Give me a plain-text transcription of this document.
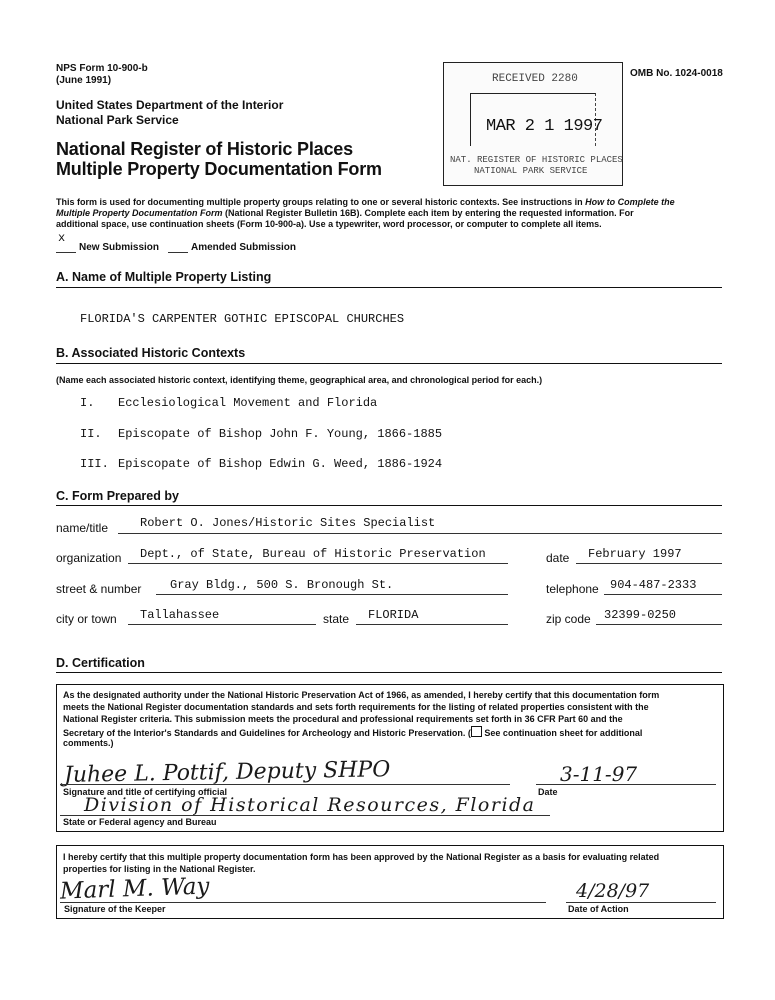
NPS Form 10-900-b
(June 1991)
OMB No. 1024-0018
United States Department of the Interior
National Park Service
National Register of Historic Places
Multiple Property Documentation Form
RECEIVED 2280
MAR 2 1 1997
NAT. REGISTER OF HISTORIC PLACES
NATIONAL PARK SERVICE
This form is used for documenting multiple property groups relating to one or several historic contexts. See instructions in How to Complete the
Multiple Property Documentation Form (National Register Bulletin 16B). Complete each item by entering the requested information. For
additional space, use continuation sheets (Form 10-900-a). Use a typewriter, word processor, or computer to complete all items.
x
New Submission	Amended Submission
A. Name of Multiple Property Listing
FLORIDA'S CARPENTER GOTHIC EPISCOPAL CHURCHES
B. Associated Historic Contexts
(Name each associated historic context, identifying theme, geographical area, and chronological period for each.)
I. Ecclesiological Movement and Florida
II. Episcopate of Bishop John F. Young, 1866-1885
III. Episcopate of Bishop Edwin G. Weed, 1886-1924
C. Form Prepared by
name/title	Robert O. Jones/Historic Sites Specialist
organization Dept., of State, Bureau of Historic Preservation	date February 1997
street & number Gray Bldg., 500 S. Bronough St.	telephone 904-487-2333
city or town Tallahassee	state FLORIDA	zip code 32399-0250
D. Certification
As the designated authority under the National Historic Preservation Act of 1966, as amended, I hereby certify that this documentation form
meets the National Register documentation standards and sets forth requirements for the listing of related properties consistent with the
National Register criteria. This submission meets the procedural and professional requirements set forth in 36 CFR Part 60 and the
Secretary of the Interior's Standards and Guidelines for Archeology and Historic Preservation. ( See continuation sheet for additional
comments.)
Juhee L. Pottif, Deputy SHPO	3-11-97
Signature and title of certifying official	Date
Division of Historical Resources, Florida
State or Federal agency and Bureau
I hereby certify that this multiple property documentation form has been approved by the National Register as a basis for evaluating related
properties for listing in the National Register.
Marl M. Way	4/28/97
Signature of the Keeper	Date of Action
